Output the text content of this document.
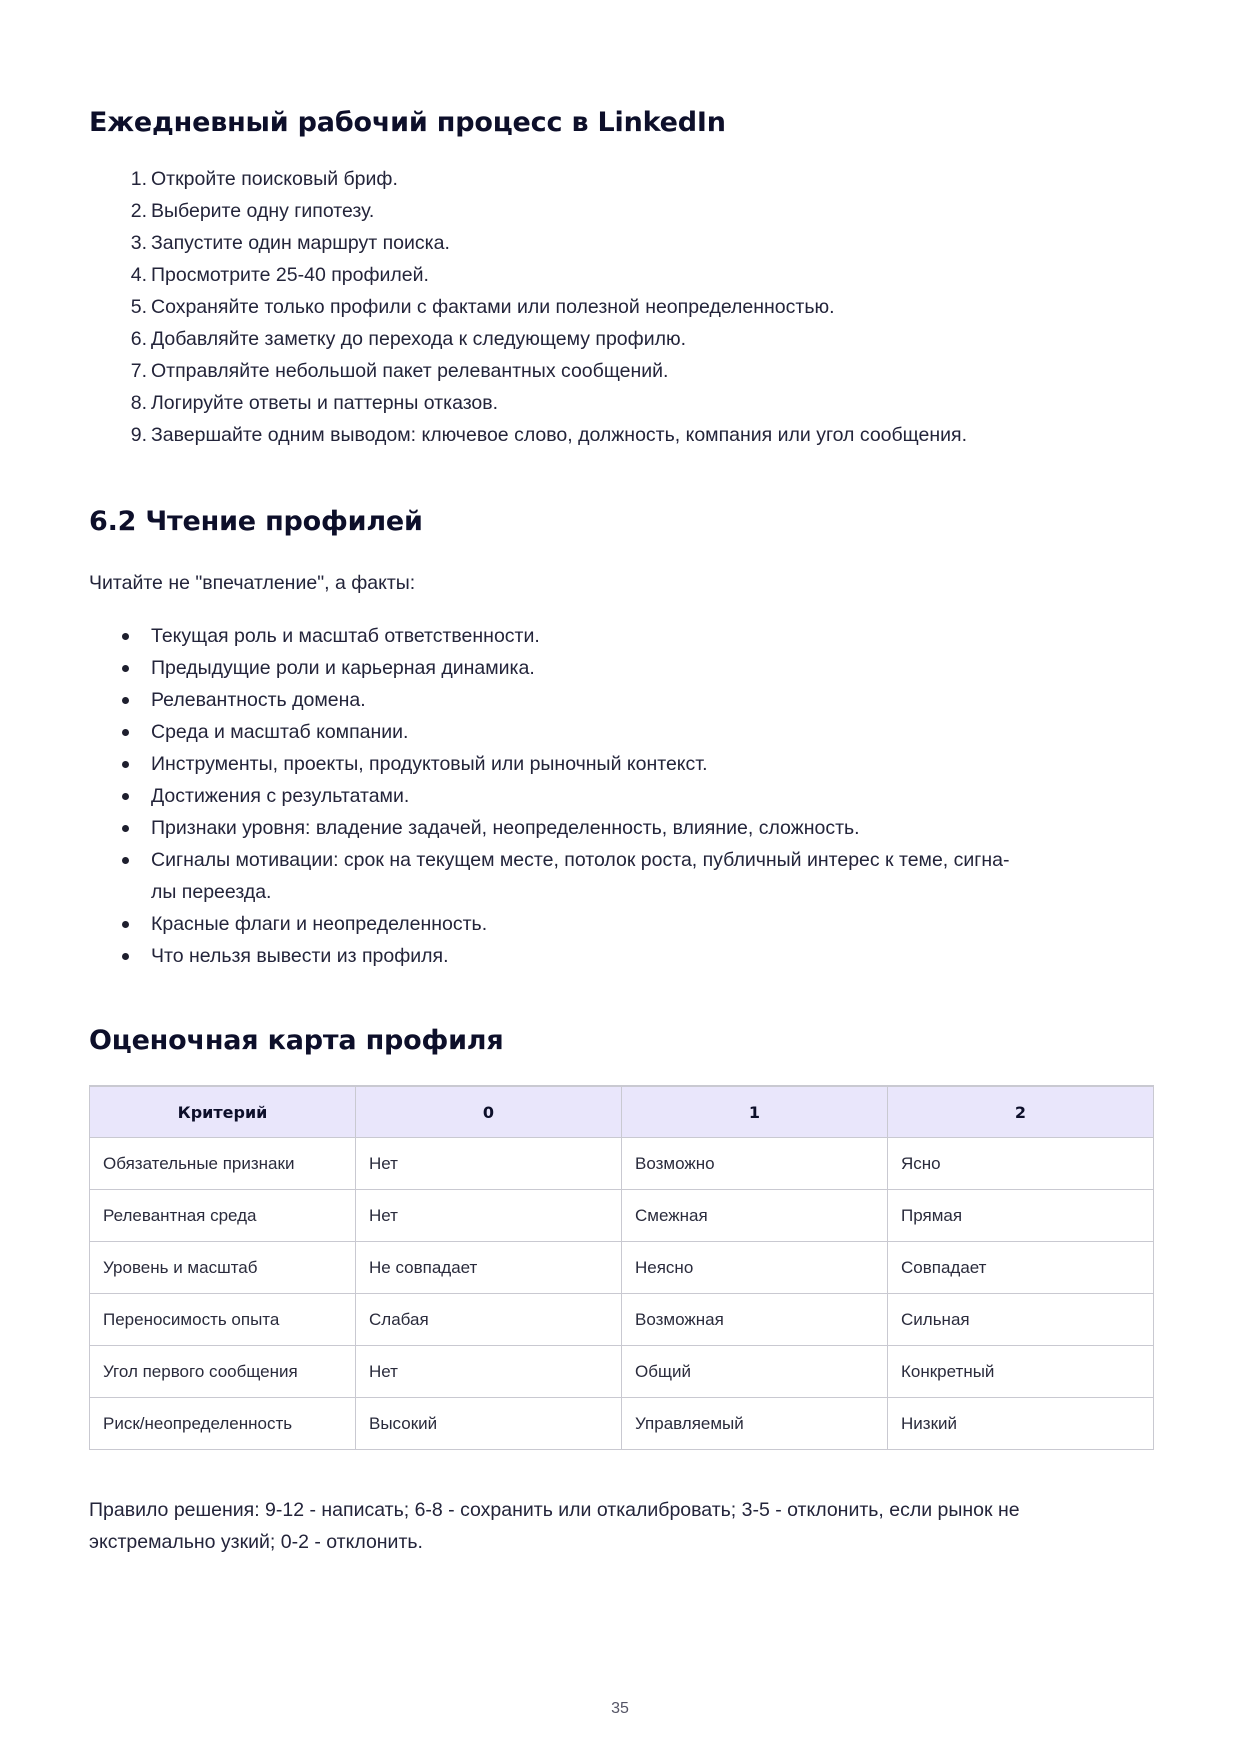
Ежедневный рабочий процесс в LinkedIn
1. Откройте поисковый бриф.
2. Выберите одну гипотезу.
3. Запустите один маршрут поиска.
4. Просмотрите 25-40 профилей.
5. Сохраняйте только профили с фактами или полезной неопределенностью.
6. Добавляйте заметку до перехода к следующему профилю.
7. Отправляйте небольшой пакет релевантных сообщений.
8. Логируйте ответы и паттерны отказов.
9. Завершайте одним выводом: ключевое слово, должность, компания или угол сообщения.
6.2 Чтение профилей

Читайте не "впечатление", а факты:

Текущая роль и масштаб ответственности.
Предыдущие роли и карьерная динамика.
Релевантность домена.
Среда и масштаб компании.
Инструменты, проекты, продуктовый или рыночный контекст.
Достижения с результатами.
Признаки уровня: владение задачей, неопределенность, влияние, сложность.
Сигналы мотивации: срок на текущем месте, потолок роста, публичный интерес к теме, сигна-
лы переезда.
Красные флаги и неопределенность.
Что нельзя вывести из профиля.
Оценочная карта профиля
Критерий	0	1	2
Обязательные признаки	Нет	Возможно	Ясно
Релевантная среда	Нет	Смежная	Прямая
Уровень и масштаб	Не совпадает	Неясно	Совпадает
Переносимость опыта	Слабая	Возможная	Сильная
Угол первого сообщения	Нет	Общий	Конкретный
Риск/неопределенность	Высокий	Управляемый	Низкий

Правило решения: 9-12 - написать; 6-8 - сохранить или откалибровать; 3-5 - отклонить, если рынок не

экстремально узкий; 0-2 - отклонить.

35
